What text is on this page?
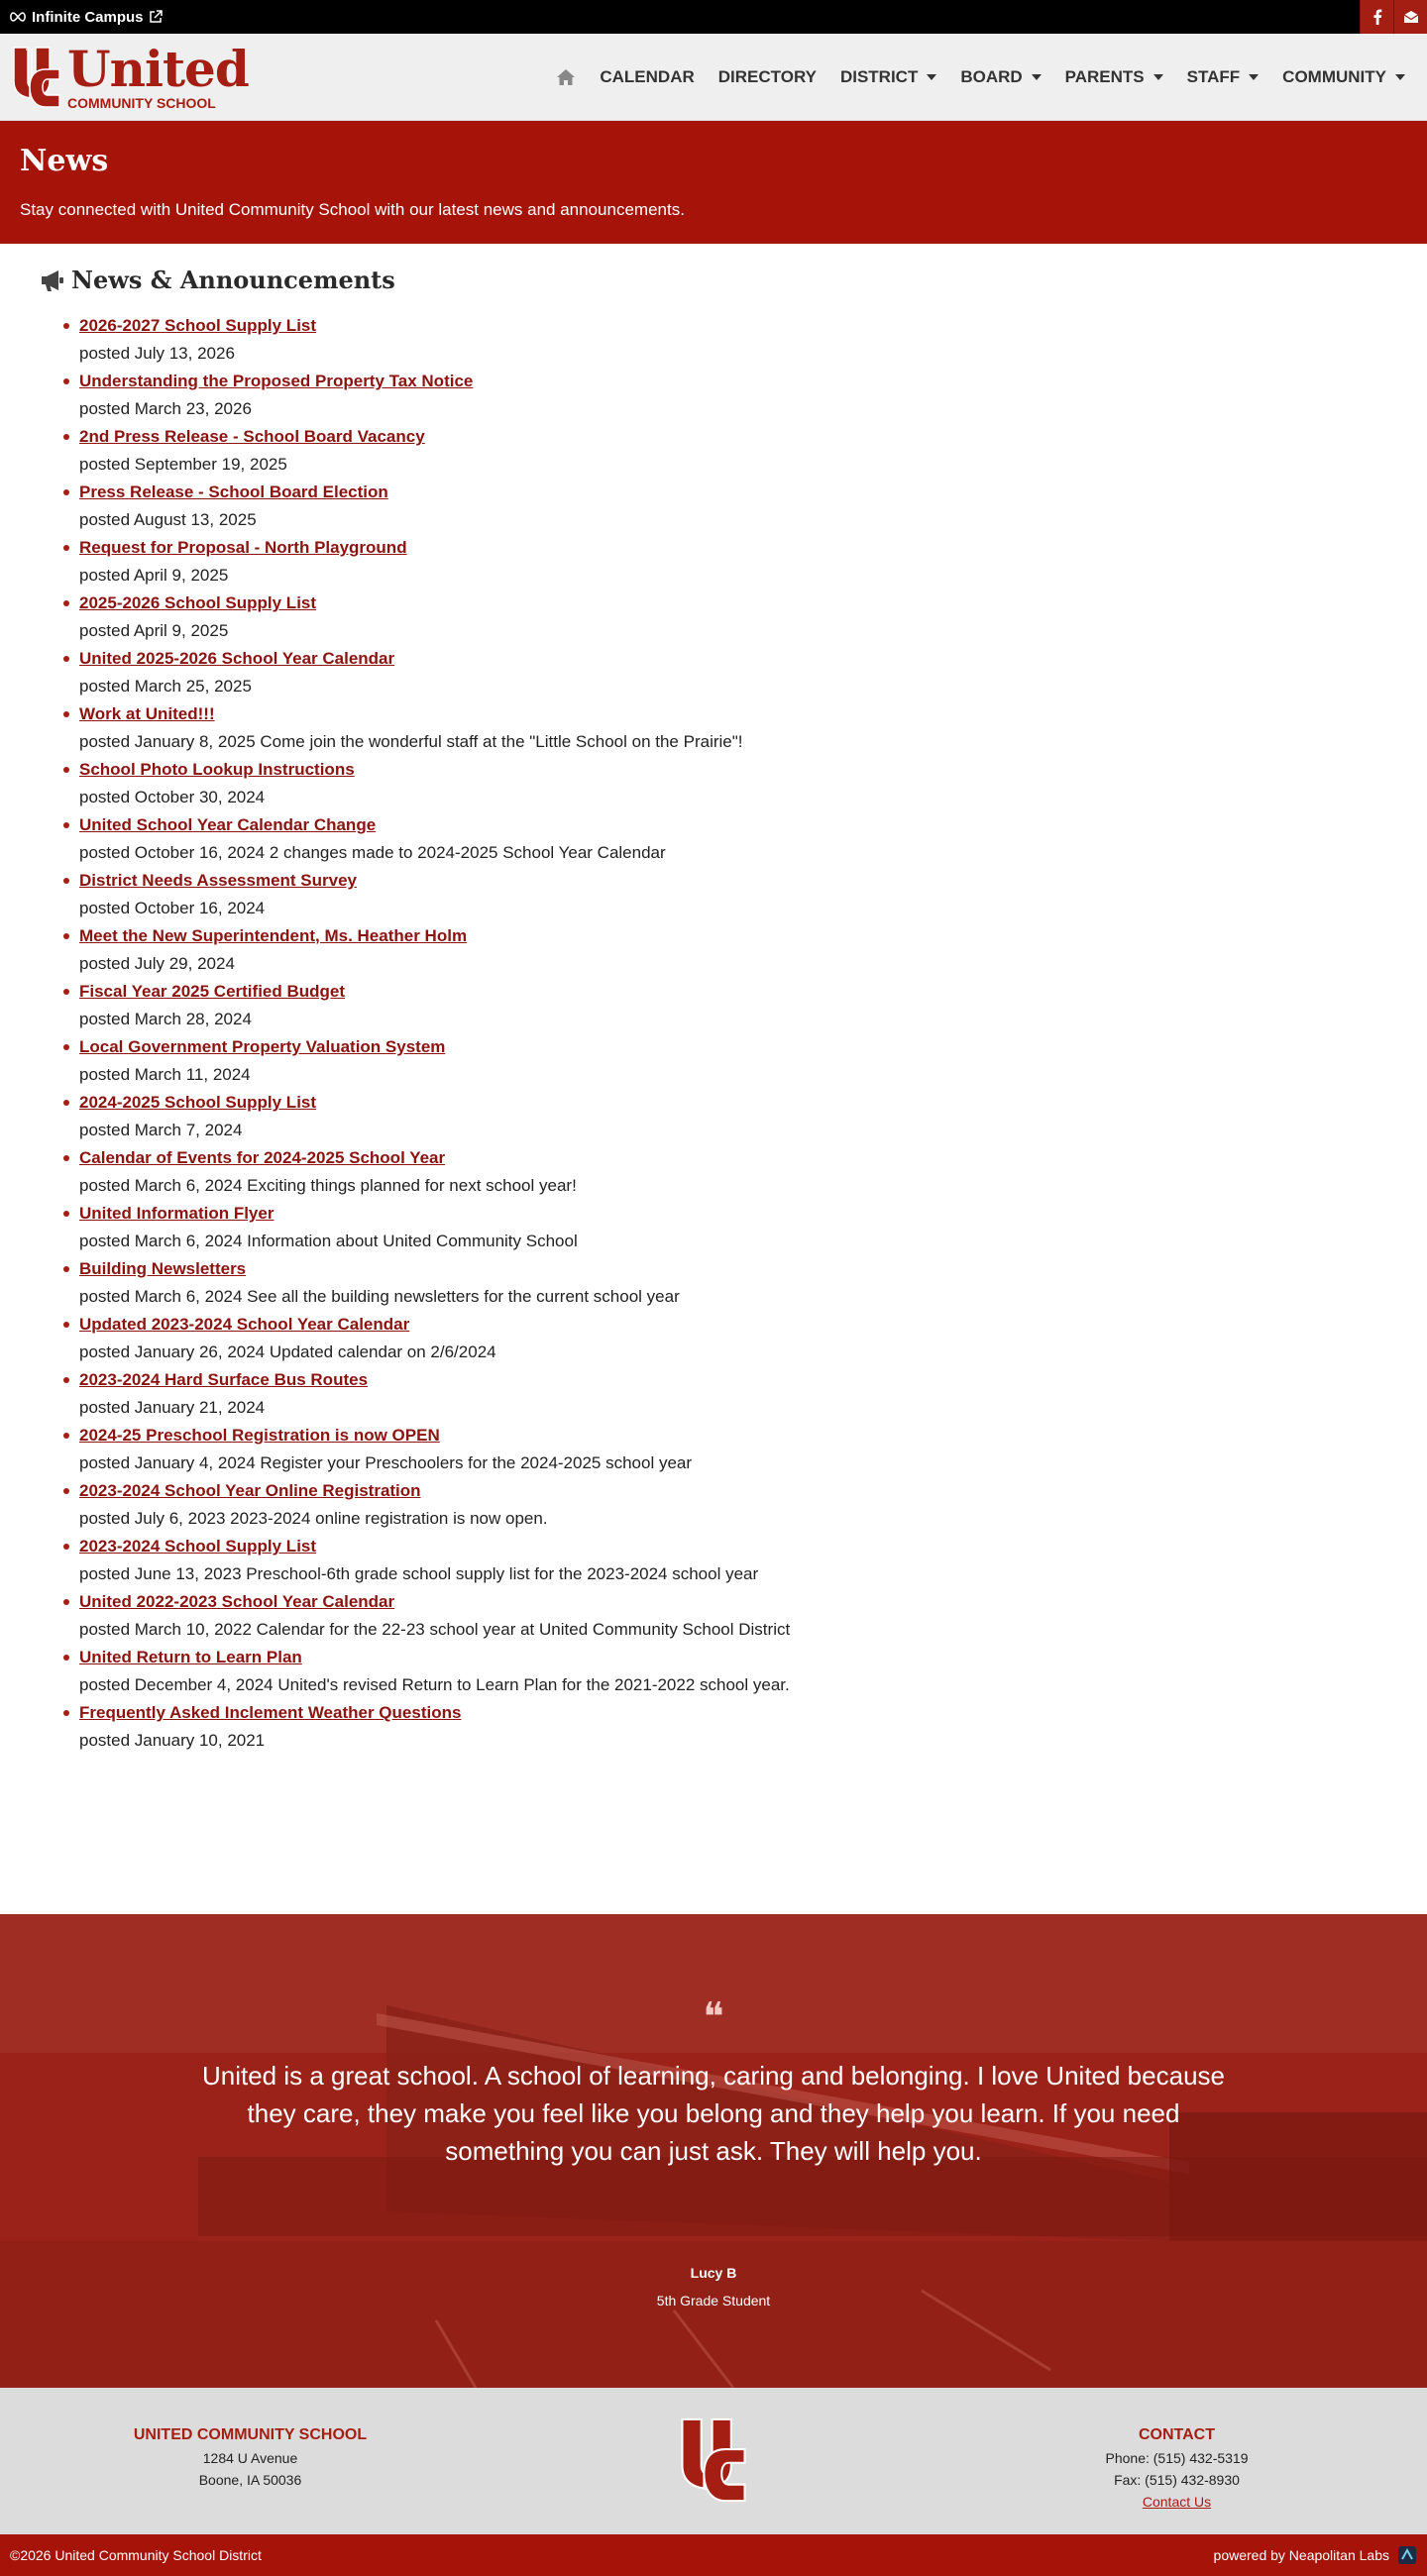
Infinite Campus
United
COMMUNITY SCHOOL
CALENDAR DIRECTORY DISTRICT	BOARD	PARENTS	STAFF	COMMUNITY
News

Stay connected with United Community School with our latest news and announcements.

News & Announcements
2026-2027 School Supply List
posted July 13, 2026
Understanding the Proposed Property Tax Notice
posted March 23, 2026
2nd Press Release - School Board Vacancy
posted September 19, 2025
Press Release - School Board Election
posted August 13, 2025
Request for Proposal - North Playground
posted April 9, 2025
2025-2026 School Supply List
posted April 9, 2025
United 2025-2026 School Year Calendar
posted March 25, 2025
Work at United!!!
posted January 8, 2025 Come join the wonderful staff at the "Little School on the Prairie"!
School Photo Lookup Instructions
posted October 30, 2024
United School Year Calendar Change
posted October 16, 2024 2 changes made to 2024-2025 School Year Calendar
District Needs Assessment Survey
posted October 16, 2024
Meet the New Superintendent, Ms. Heather Holm
posted July 29, 2024
Fiscal Year 2025 Certified Budget
posted March 28, 2024
Local Government Property Valuation System
posted March 11, 2024
2024-2025 School Supply List
posted March 7, 2024
Calendar of Events for 2024-2025 School Year
posted March 6, 2024 Exciting things planned for next school year!
United Information Flyer
posted March 6, 2024 Information about United Community School
Building Newsletters
posted March 6, 2024 See all the building newsletters for the current school year
Updated 2023-2024 School Year Calendar
posted January 26, 2024 Updated calendar on 2/6/2024
2023-2024 Hard Surface Bus Routes
posted January 21, 2024
2024-25 Preschool Registration is now OPEN
posted January 4, 2024 Register your Preschoolers for the 2024-2025 school year
2023-2024 School Year Online Registration
posted July 6, 2023 2023-2024 online registration is now open.
2023-2024 School Supply List
posted June 13, 2023 Preschool-6th grade school supply list for the 2023-2024 school year
United 2022-2023 School Year Calendar
posted March 10, 2022 Calendar for the 22-23 school year at United Community School District
United Return to Learn Plan
posted December 4, 2024 United's revised Return to Learn Plan for the 2021-2022 school year.
Frequently Asked Inclement Weather Questions
posted January 10, 2021
❝

United is a great school. A school of learning, caring and belonging. I love United because they care, they make you feel like you belong and they help you learn. If you need something you can just ask. They will help you.

Lucy B
5th Grade Student
UNITED COMMUNITY SCHOOL
1284 U Avenue
Boone, IA 50036
CONTACT
Phone: (515) 432-5319
Fax: (515) 432-8930
Contact Us
©2026 United Community School District	powered by Neapolitan Labs
